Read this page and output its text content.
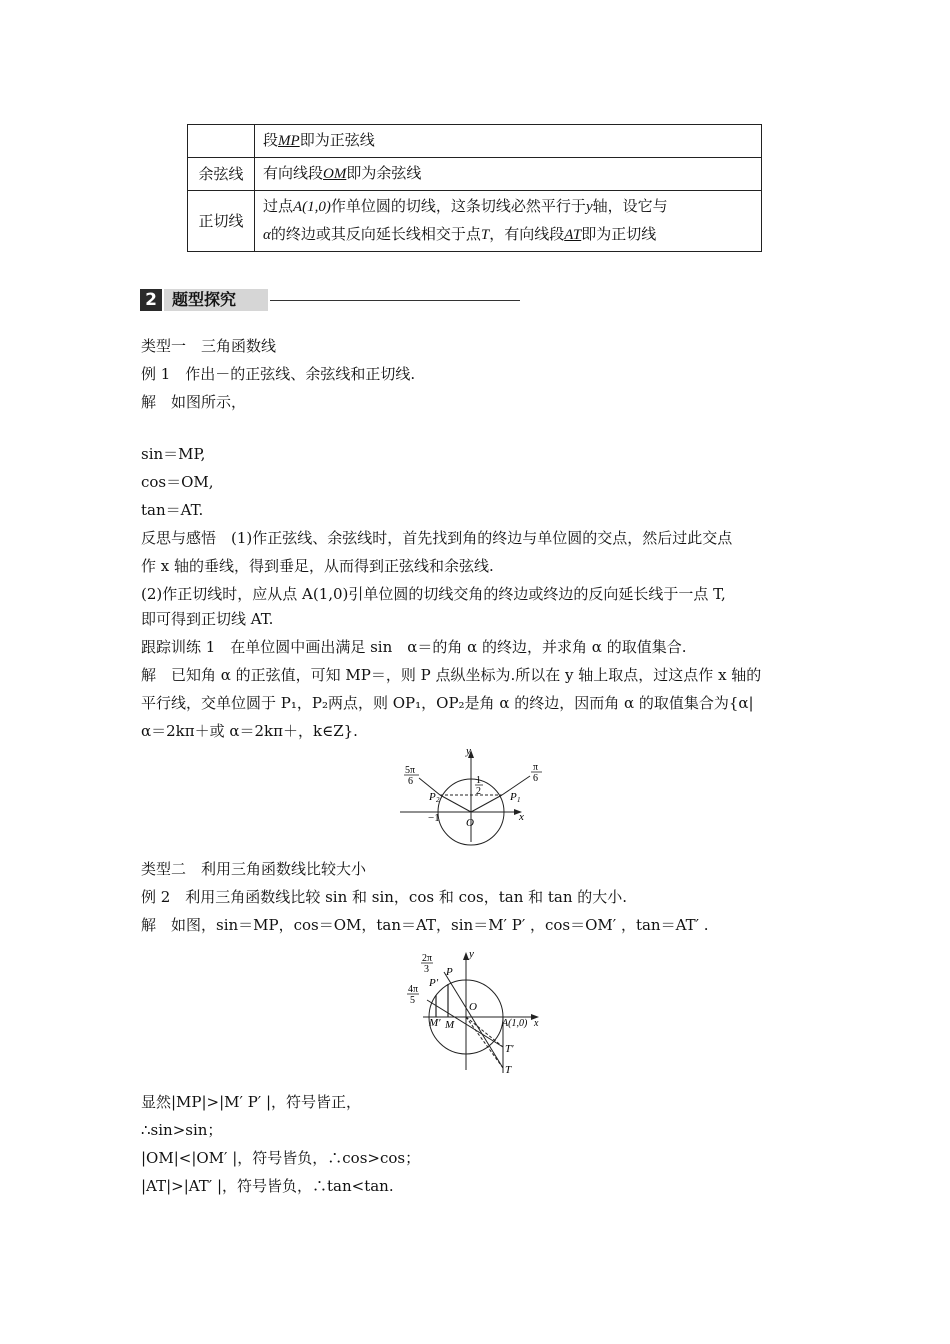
	段MP即为正弦线
余弦线	有向线段OM即为余弦线
正切线	过点A(1,0)作单位圆的切线，这条切线必然平行于y轴，设它与
α的终边或其反向延长线相交于点T，有向线段AT即为正切线
2 题型探究
类型一　三角函数线
例 1　作出－的正弦线、余弦线和正切线.
解　如图所示，
sin＝MP,
cos＝OM,
tan＝AT.
反思与感悟　(1)作正弦线、余弦线时，首先找到角的终边与单位圆的交点，然后过此交点
作 x 轴的垂线，得到垂足，从而得到正弦线和余弦线.
(2)作正切线时，应从点 A(1,0)引单位圆的切线交角的终边或终边的反向延长线于一点 T,
即可得到正切线 AT.
跟踪训练 1　在单位圆中画出满足 sin　α＝的角 α 的终边，并求角 α 的取值集合.
解　已知角 α 的正弦值，可知 MP＝，则 P 点纵坐标为.所以在 y 轴上取点，过这点作 x 轴的
平行线，交单位圆于 P₁，P₂两点，则 OP₁，OP₂是角 α 的终边，因而角 α 的取值集合为{α|
α＝2kπ＋或 α＝2kπ＋，k∈Z}.
y
x
O
−1
1
2	P 1
P 2
π
6
5π
6
类型二　利用三角函数线比较大小
例 2　利用三角函数线比较 sin 和 sin，cos 和 cos，tan 和 tan 的大小.
解　如图，sin＝MP，cos＝OM，tan＝AT，sin＝M′ P′ ，cos＝OM′ ，tan＝AT′ .
y
x
O
2π
3
4π
5
P
P′
M
M′	A(1,0)
T′
T
显然|MP|>|M′ P′ |，符号皆正，
∴sin>sin；
|OM|<|OM′ |，符号皆负，∴cos>cos；
|AT|>|AT′ |，符号皆负，∴tan<tan.
